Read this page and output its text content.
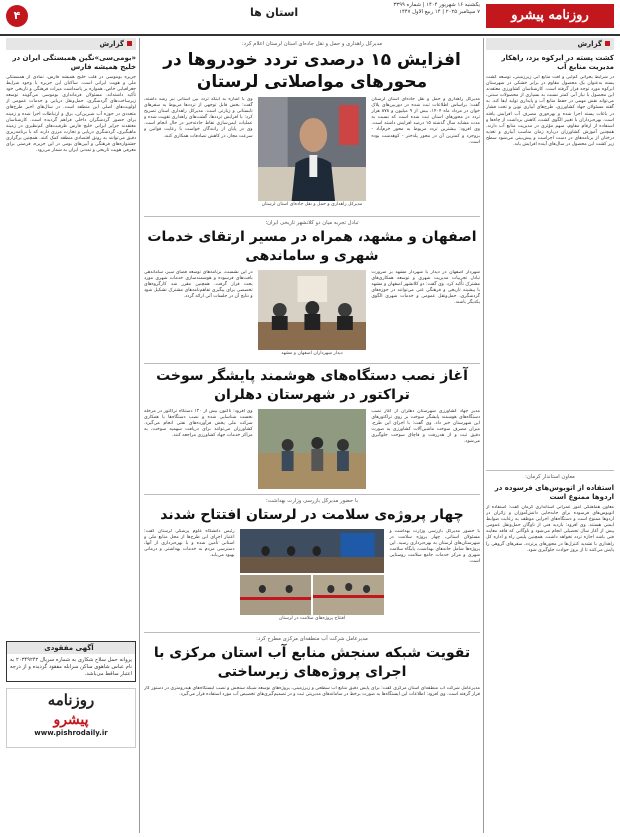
روزنامه پیشرو
یکشنبه ۱۶ شهریور ۱۴۰۴ | شماره ۳۳۹۹
۷ سپتامبر ۲۰۲۵ | ۱۴ ربیع الاول ۱۴۴۷
استان ها
۴
گزارش
کشت پسته در ابرکوه یزد، راهکار مدیریت منابع آب
در شرایط بحرانی کم‌آبی و افت منابع آبی زیرزمینی، توسعه کشت پسته به‌عنوان یک محصول مقاوم در برابر خشکی در شهرستان ابرکوه مورد توجه قرار گرفته است. کارشناسان کشاورزی معتقدند این محصول با نیاز آبی کمتر نسبت به بسیاری از محصولات سنتی، می‌تواند نقش مهمی در حفظ منابع آب و پایداری تولید ایفا کند. به گفته مسئولان جهاد کشاورزی، طرح‌های آبیاری نوین و تحت فشار در باغات پسته اجرا شده و بهره‌وری مصرف آب افزایش یافته است. بهره‌برداران با تغییر الگوی کشت، کاهش برداشت از چاه‌ها و استفاده از ارقام مقاوم، سهم مؤثری در مدیریت منابع آب دارند. همچنین آموزش کشاورزان درباره زمان مناسب آبیاری و تغذیه درختان از برنامه‌های در دست اجراست و پیش‌بینی می‌شود سطح زیر کشت این محصول در سال‌های آینده افزایش یابد.
معاون استاندار کرمان:
استفاده از اتوبوس‌های فرسوده در اردوها ممنوع است
معاون هماهنگی امور عمرانی استانداری کرمان گفت: استفاده از اتوبوس‌های فرسوده برای جابه‌جایی دانش‌آموزان و زائران در اردوها ممنوع است و دستگاه‌های اجرایی موظف به رعایت ضوابط ایمنی هستند. وی افزود: بازدید فنی از ناوگان حمل‌ونقل عمومی پیش از آغاز سال تحصیلی انجام می‌شود و ناوگانی که فاقد معاینه فنی باشد اجازه تردد نخواهد داشت. همچنین پلیس راه و اداره کل راهداری با تشدید کنترل‌ها در محورهای پرتردد، سفرهای گروهی را پایش می‌کنند تا از بروز حوادث جلوگیری شود.
مدیرکل راهداری و حمل و نقل جاده‌ای استان لرستان اعلام کرد:
افزایش ۱۵ درصدی تردد خودروها در محورهای مواصلاتی لرستان
مدیرکل راهداری و حمل و نقل جاده‌ای استان لرستان گفت: براساس اطلاعات ثبت شده در دوربین‌های پلاک خوان در مرداد ماه ۱۴۰۴، بیش از ۹ میلیون و ۸۷۸ هزار تردد در محورهای استان ثبت شده است که نسبت به مدت مشابه سال گذشته ۱۵ درصد افزایش داشته است. وی افزود: بیشترین تردد مربوط به محور خرم‌آباد - بروجرد و کمترین آن در محور پلدختر - کوهدشت بوده است.
مدیرکل راهداری و حمل و نقل جاده‌ای استان لرستان
وی با اشاره به اینکه تردد بین استانی نیز رشد داشته، گفت: بخش قابل توجهی از ترددها مربوط به سفرهای تابستانی و زیارتی است. مدیرکل راهداری استان تصریح کرد: با افزایش ترددها، گشت‌های راهداری تقویت شده و عملیات ایمن‌سازی نقاط حادثه‌خیز در حال انجام است. وی در پایان از رانندگان خواست با رعایت قوانین و سرعت مجاز، در کاهش تصادفات همکاری کنند.
تبادل تجربه میان دو کلانشهر تاریخی ایران؛
اصفهان و مشهد، همراه در مسیر ارتقای خدمات شهری و ساماندهی
شهردار اصفهان در دیدار با شهردار مشهد بر ضرورت تبادل تجربیات مدیریت شهری و توسعه همکاری‌های مشترک تأکید کرد. وی گفت: دو کلانشهر اصفهان و مشهد با پیشینه تاریخی و فرهنگی غنی می‌توانند در حوزه‌های گردشگری، حمل‌ونقل عمومی و خدمات شهری الگوی یکدیگر باشند.
دیدار شهرداران اصفهان و مشهد
در این نشست، برنامه‌های توسعه فضای سبز، ساماندهی بافت‌های فرسوده و هوشمندسازی خدمات شهری مورد بحث قرار گرفت. همچنین مقرر شد کارگروه‌های تخصصی برای پیگیری تفاهم‌نامه‌های مشترک تشکیل شود و نتایج آن در جلسات آتی ارائه گردد.
آغاز نصب دستگاه‌های هوشمند پایشگر سوخت تراکتور در شهرستان دهلران
مدیر جهاد کشاورزی شهرستان دهلران از آغاز نصب دستگاه‌های هوشمند پایشگر سوخت بر روی تراکتورهای این شهرستان خبر داد. وی گفت: با اجرای این طرح، میزان مصرف سوخت ماشین‌آلات کشاورزی به صورت دقیق ثبت و از هدررفت و قاچاق سوخت جلوگیری می‌شود.
وی افزود: تاکنون بیش از ۱۲۰ دستگاه تراکتور در مرحله نخست شناسایی شده و نصب دستگاه‌ها با همکاری شرکت ملی پخش فرآورده‌های نفتی انجام می‌گیرد. کشاورزان می‌توانند برای دریافت سهمیه سوخت، به مراکز خدمات جهاد کشاورزی مراجعه کنند.
با حضور مدیرکل بازرسی وزارت بهداشت؛
چهار پروژه‌ی سلامت در لرستان افتتاح شدند
با حضور مدیرکل بازرسی وزارت بهداشت و مسئولان استانی، چهار پروژه سلامت در شهرستان‌های لرستان به بهره‌برداری رسید. این پروژه‌ها شامل خانه‌های بهداشت، پایگاه سلامت شهری و مرکز خدمات جامع سلامت روستایی است.
افتتاح پروژه‌های سلامت در لرستان
رئیس دانشگاه علوم پزشکی لرستان گفت: اعتبار اجرای این طرح‌ها از محل منابع ملی و استانی تأمین شده و با بهره‌برداری از آنها، دسترسی مردم به خدمات بهداشتی و درمانی بهبود می‌یابد.
مدیرعامل شرکت آب منطقه‌ای مرکزی مطرح کرد:
تقویت شبکه سنجش منابع آب استان مرکزی با اجرای پروژه‌های زیرساختی
مدیرعامل شرکت آب منطقه‌ای استان مرکزی گفت: برای پایش دقیق منابع آب سطحی و زیرزمینی، پروژه‌های توسعه شبکه سنجش و نصب ایستگاه‌های هیدرومتری در دستور کار قرار گرفته است. وی افزود: اطلاعات این ایستگاه‌ها به صورت برخط در سامانه‌های مدیریتی ثبت و در تصمیم‌گیری‌های تخصیص آب مورد استفاده قرار می‌گیرد.
گزارش
«بومی‌سی»نگین همبستگی ایران در خلیج همیشه فارس
جزیره بوموسی در قلب خلیج همیشه فارس، نمادی از همبستگی ملی و هویت ایرانی است. ساکنان این جزیره با وجود شرایط جغرافیایی خاص، همواره بر پاسداشت میراث فرهنگی و تاریخی خود تأکید داشته‌اند. مسئولان فرمانداری بوموسی می‌گویند توسعه زیرساخت‌های گردشگری، حمل‌ونقل دریایی و خدمات عمومی از اولویت‌های اصلی این منطقه است. در سال‌های اخیر طرح‌های متعددی در حوزه آب شیرین‌کن، برق و ارتباطات اجرا شده و زمینه برای حضور گردشگران داخلی فراهم گردیده است. کارشناسان معتقدند جزایر ایرانی خلیج فارس ظرفیت‌های کم‌نظیری در زمینه ماهیگیری، گردشگری دریایی و تجارت مرزی دارند که با برنامه‌ریزی دقیق می‌توانند به رونق اقتصادی منطقه کمک کنند. همچنین برگزاری جشنواره‌های فرهنگی و آیین‌های بومی در این جزیره، فرصتی برای معرفی هویت تاریخی و تمدنی ایران به شمار می‌رود.
آگهی مفقودی
پروانه حمل سلاح شکاری به شماره سریال ۲۰۳۴۹۲۴۲ به نام عباس شاهوی ساکن سرابله مفقود گردیده و از درجه اعتبار ساقط می‌باشد.
روزنامه
پیشرو
www.pishrodaily.ir
